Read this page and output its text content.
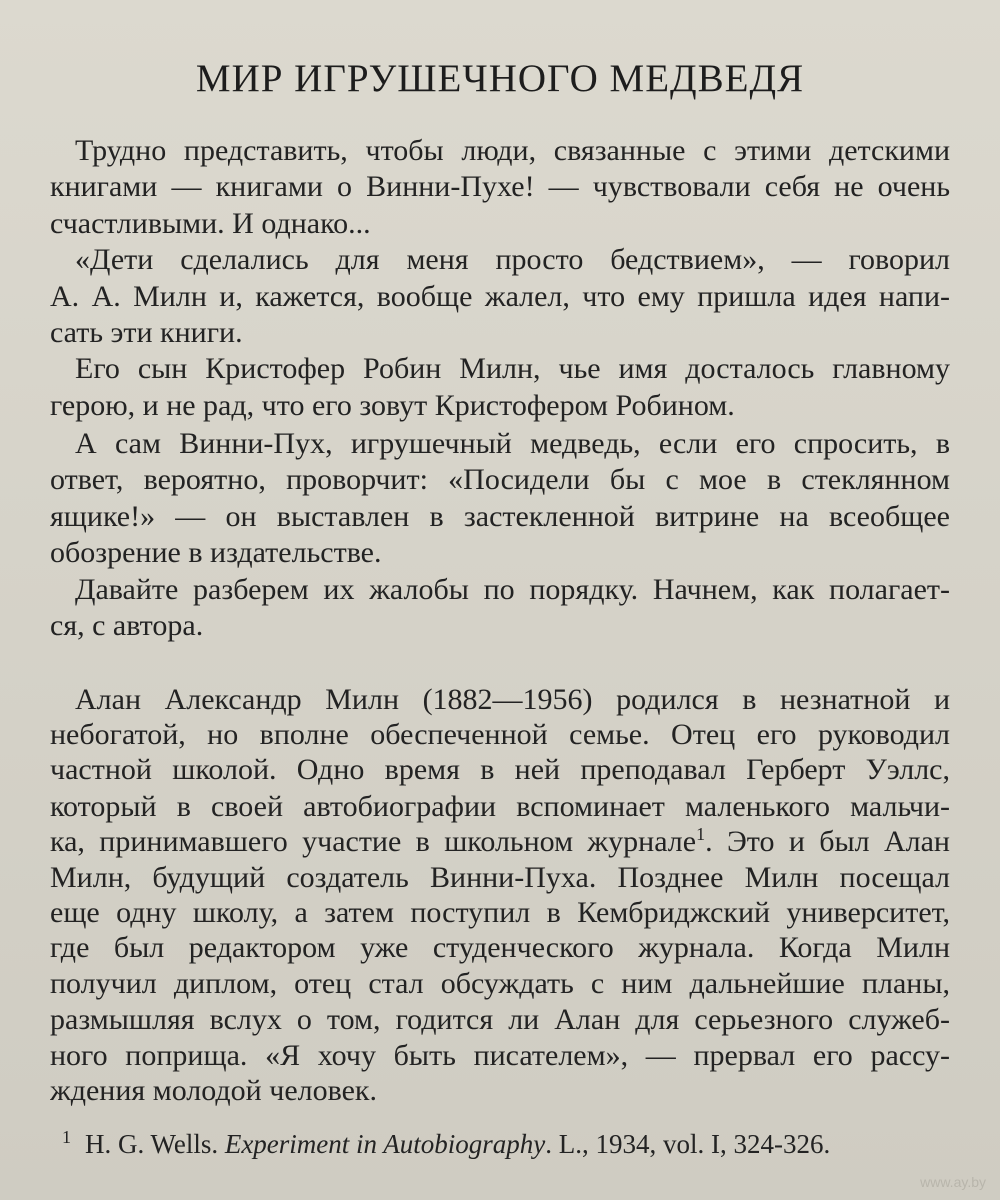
МИР ИГРУШЕЧНОГО МЕДВЕДЯ
Трудно представить, чтобы люди, связанные с этими детскими
книгами — книгами о Винни-Пухе! — чувствовали себя не очень
счастливыми. И однако...
«Дети сделались для меня просто бедствием», — говорил
А. А. Милн и, кажется, вообще жалел, что ему пришла идея напи-
сать эти книги.
Его сын Кристофер Робин Милн, чье имя досталось главному
герою, и не рад, что его зовут Кристофером Робином.
А сам Винни-Пух, игрушечный медведь, если его спросить, в
ответ, вероятно, проворчит: «Посидели бы с мое в стеклянном
ящике!» — он выставлен в застекленной витрине на всеобщее
обозрение в издательстве.
Давайте разберем их жалобы по порядку. Начнем, как полагает-
ся, с автора.
Алан Александр Милн (1882—1956) родился в незнатной и
небогатой, но вполне обеспеченной семье. Отец его руководил
частной школой. Одно время в ней преподавал Герберт Уэллс,
который в своей автобиографии вспоминает маленького мальчи-
ка, принимавшего участие в школьном журнале$^1$. Это и был Алан
Милн, будущий создатель Винни-Пуха. Позднее Милн посещал
еще одну школу, а затем поступил в Кембриджский университет,
где был редактором уже студенческого журнала. Когда Милн
получил диплом, отец стал обсуждать с ним дальнейшие планы,
размышляя вслух о том, годится ли Алан для серьезного служеб-
ного поприща. «Я хочу быть писателем», — прервал его рассу-
ждения молодой человек.
$^1$ H. G. Wells. Experiment in Autobiography. L., 1934, vol. I, 324-326.
www.ay.by
